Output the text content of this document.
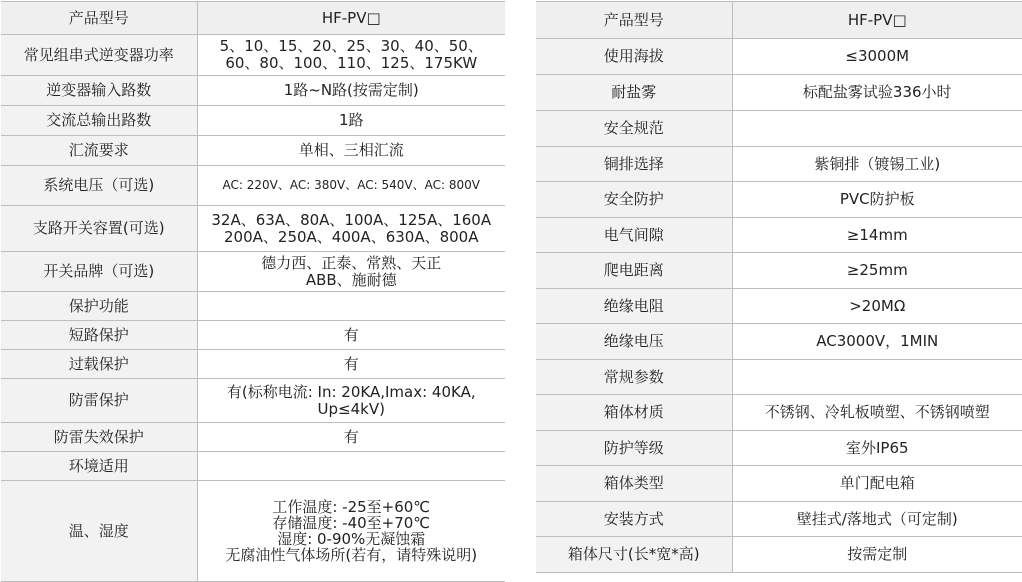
产品型号	HF-PV□
常见组串式逆变器功率	5、10、15、20、25、30、40、50、
60、80、100、110、125、175KW
逆变器输入路数	1路~N路(按需定制)
交流总输出路数	1路
汇流要求	单相、三相汇流
系统电压（可选)	AC: 220V、AC: 380V、AC: 540V、AC: 800V
支路开关容置(可选)	32A、63A、80A、100A、125A、160A
200A、250A、400A、630A、800A
开关品牌（可选)	德力西、正泰、常熟、天正
ABB、施耐德
保护功能	
短路保护	有
过载保护	有
防雷保护	有(标称电流: In: 20KA,Imax: 40KA,
Up≤4kV)
防雷失效保护	有
环境适用	
温、湿度	工作温度: -25至+60℃
存储温度: -40至+70℃
湿度: 0-90%无凝蚀霜
无腐油性气体场所(若有，请特殊说明)
产品型号	HF-PV□
使用海拔	≤3000M
耐盐雾	标配盐雾试验336小时
安全规范	
铜排选择	紫铜排（镀锡工业)
安全防护	PVC防护板
电气间隙	≥14mm
爬电距离	≥25mm
绝缘电阻	>20MΩ
绝缘电压	AC3000V，1MIN
常规参数	
箱体材质	不锈钢、冷轧板喷塑、不锈钢喷塑
防护等级	室外IP65
箱体类型	单门配电箱
安装方式	壁挂式/落地式（可定制)
箱体尺寸(长*宽*高)	按需定制
